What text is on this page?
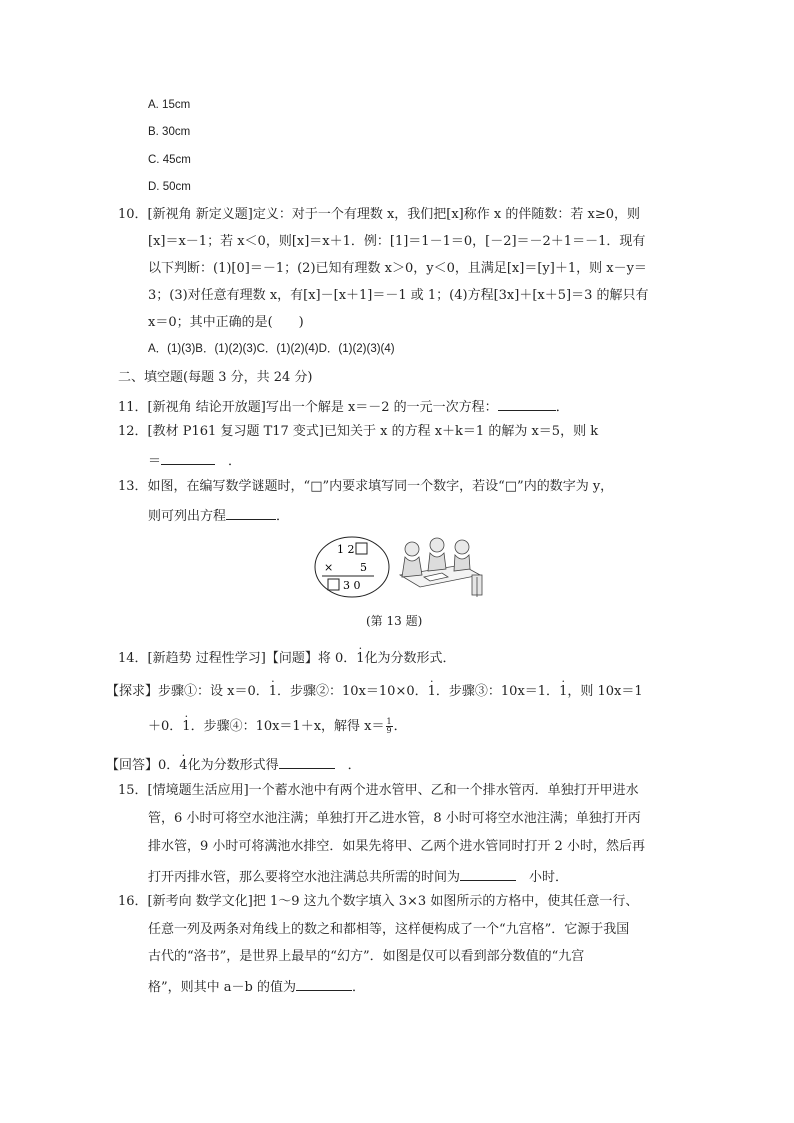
A. 15cm
B. 30cm
C. 45cm
D. 50cm
10．[新视角 新定义题]定义：对于一个有理数 x，我们把[x]称作 x 的伴随数：若 x≥0，则
[x]＝x－1；若 x＜0，则[x]＝x＋1．例：[1]＝1－1＝0，[－2]＝－2＋1＝－1．现有
以下判断：(1)[0]＝－1；(2)已知有理数 x＞0，y＜0，且满足[x]＝[y]＋1，则 x－y＝
3；(3)对任意有理数 x，有[x]－[x＋1]＝－1 或 1；(4)方程[3x]＋[x＋5]＝3 的解只有
x＝0；其中正确的是(　　)
A．(1)(3)B．(1)(2)(3)C．(1)(2)(4)D．(1)(2)(3)(4)
二、填空题(每题 3 分，共 24 分)
11．[新视角 结论开放题]写出一个解是 x＝－2 的一元一次方程：	．
12．[教材 P161 复习题 T17 变式]已知关于 x 的方程 x＋k＝1 的解为 x＝5，则 k
＝	　．
13．如图，在编写数学谜题时，“□”内要求填写同一个数字，若设“□”内的数字为 y，
则可列出方程	．
1 2
× 5
3 0
(第 13 题)
14．[新趋势 过程性学习]【问题】将 0．· 1化为分数形式．
【探求】步骤①：设 x＝0．· 1．步骤②：10x＝10×0．· 1．步骤③：10x＝1．· 1，则 10x＝1
＋0．· 1．步骤④：10x＝1＋x，解得 $x= \frac{1}{9}$ ．
【回答】0．· 4化为分数形式得	　．
15．[情境题生活应用]一个蓄水池中有两个进水管甲、乙和一个排水管丙．单独打开甲进水
管，6 小时可将空水池注满；单独打开乙进水管，8 小时可将空水池注满；单独打开丙
排水管，9 小时可将满池水排空．如果先将甲、乙两个进水管同时打开 2 小时，然后再
打开丙排水管，那么要将空水池注满总共所需的时间为　	小时．
16．[新考向 数学文化]把 1～9 这九个数字填入 3×3 如图所示的方格中，使其任意一行、
任意一列及两条对角线上的数之和都相等，这样便构成了一个“九宫格”．它源于我国
古代的“洛书”，是世界上最早的“幻方”．如图是仅可以看到部分数值的“九宫
格”，则其中 a－b 的值为	．
